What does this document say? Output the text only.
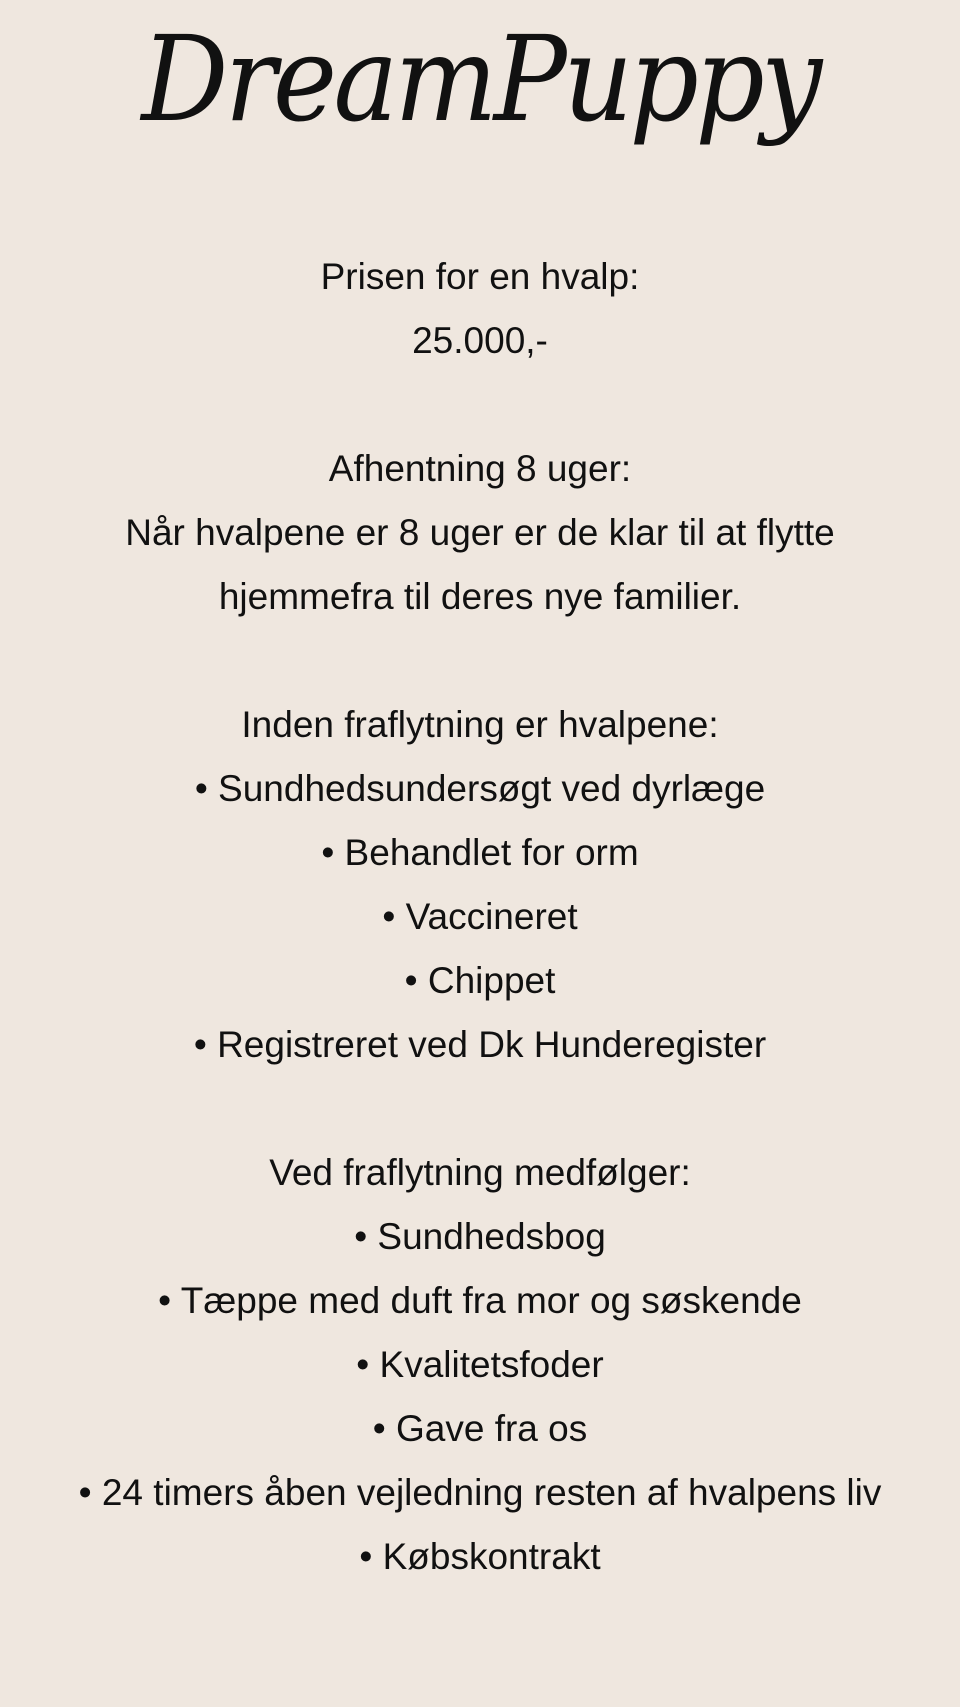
DreamPuppy
Prisen for en hvalp:
25.000,-
Afhentning 8 uger:
Når hvalpene er 8 uger er de klar til at flytte
hjemmefra til deres nye familier.
Inden fraflytning er hvalpene:
• Sundhedsundersøgt ved dyrlæge
• Behandlet for orm
• Vaccineret
• Chippet
• Registreret ved Dk Hunderegister
Ved fraflytning medfølger:
• Sundhedsbog
• Tæppe med duft fra mor og søskende
• Kvalitetsfoder
• Gave fra os
• 24 timers åben vejledning resten af hvalpens liv
• Købskontrakt
